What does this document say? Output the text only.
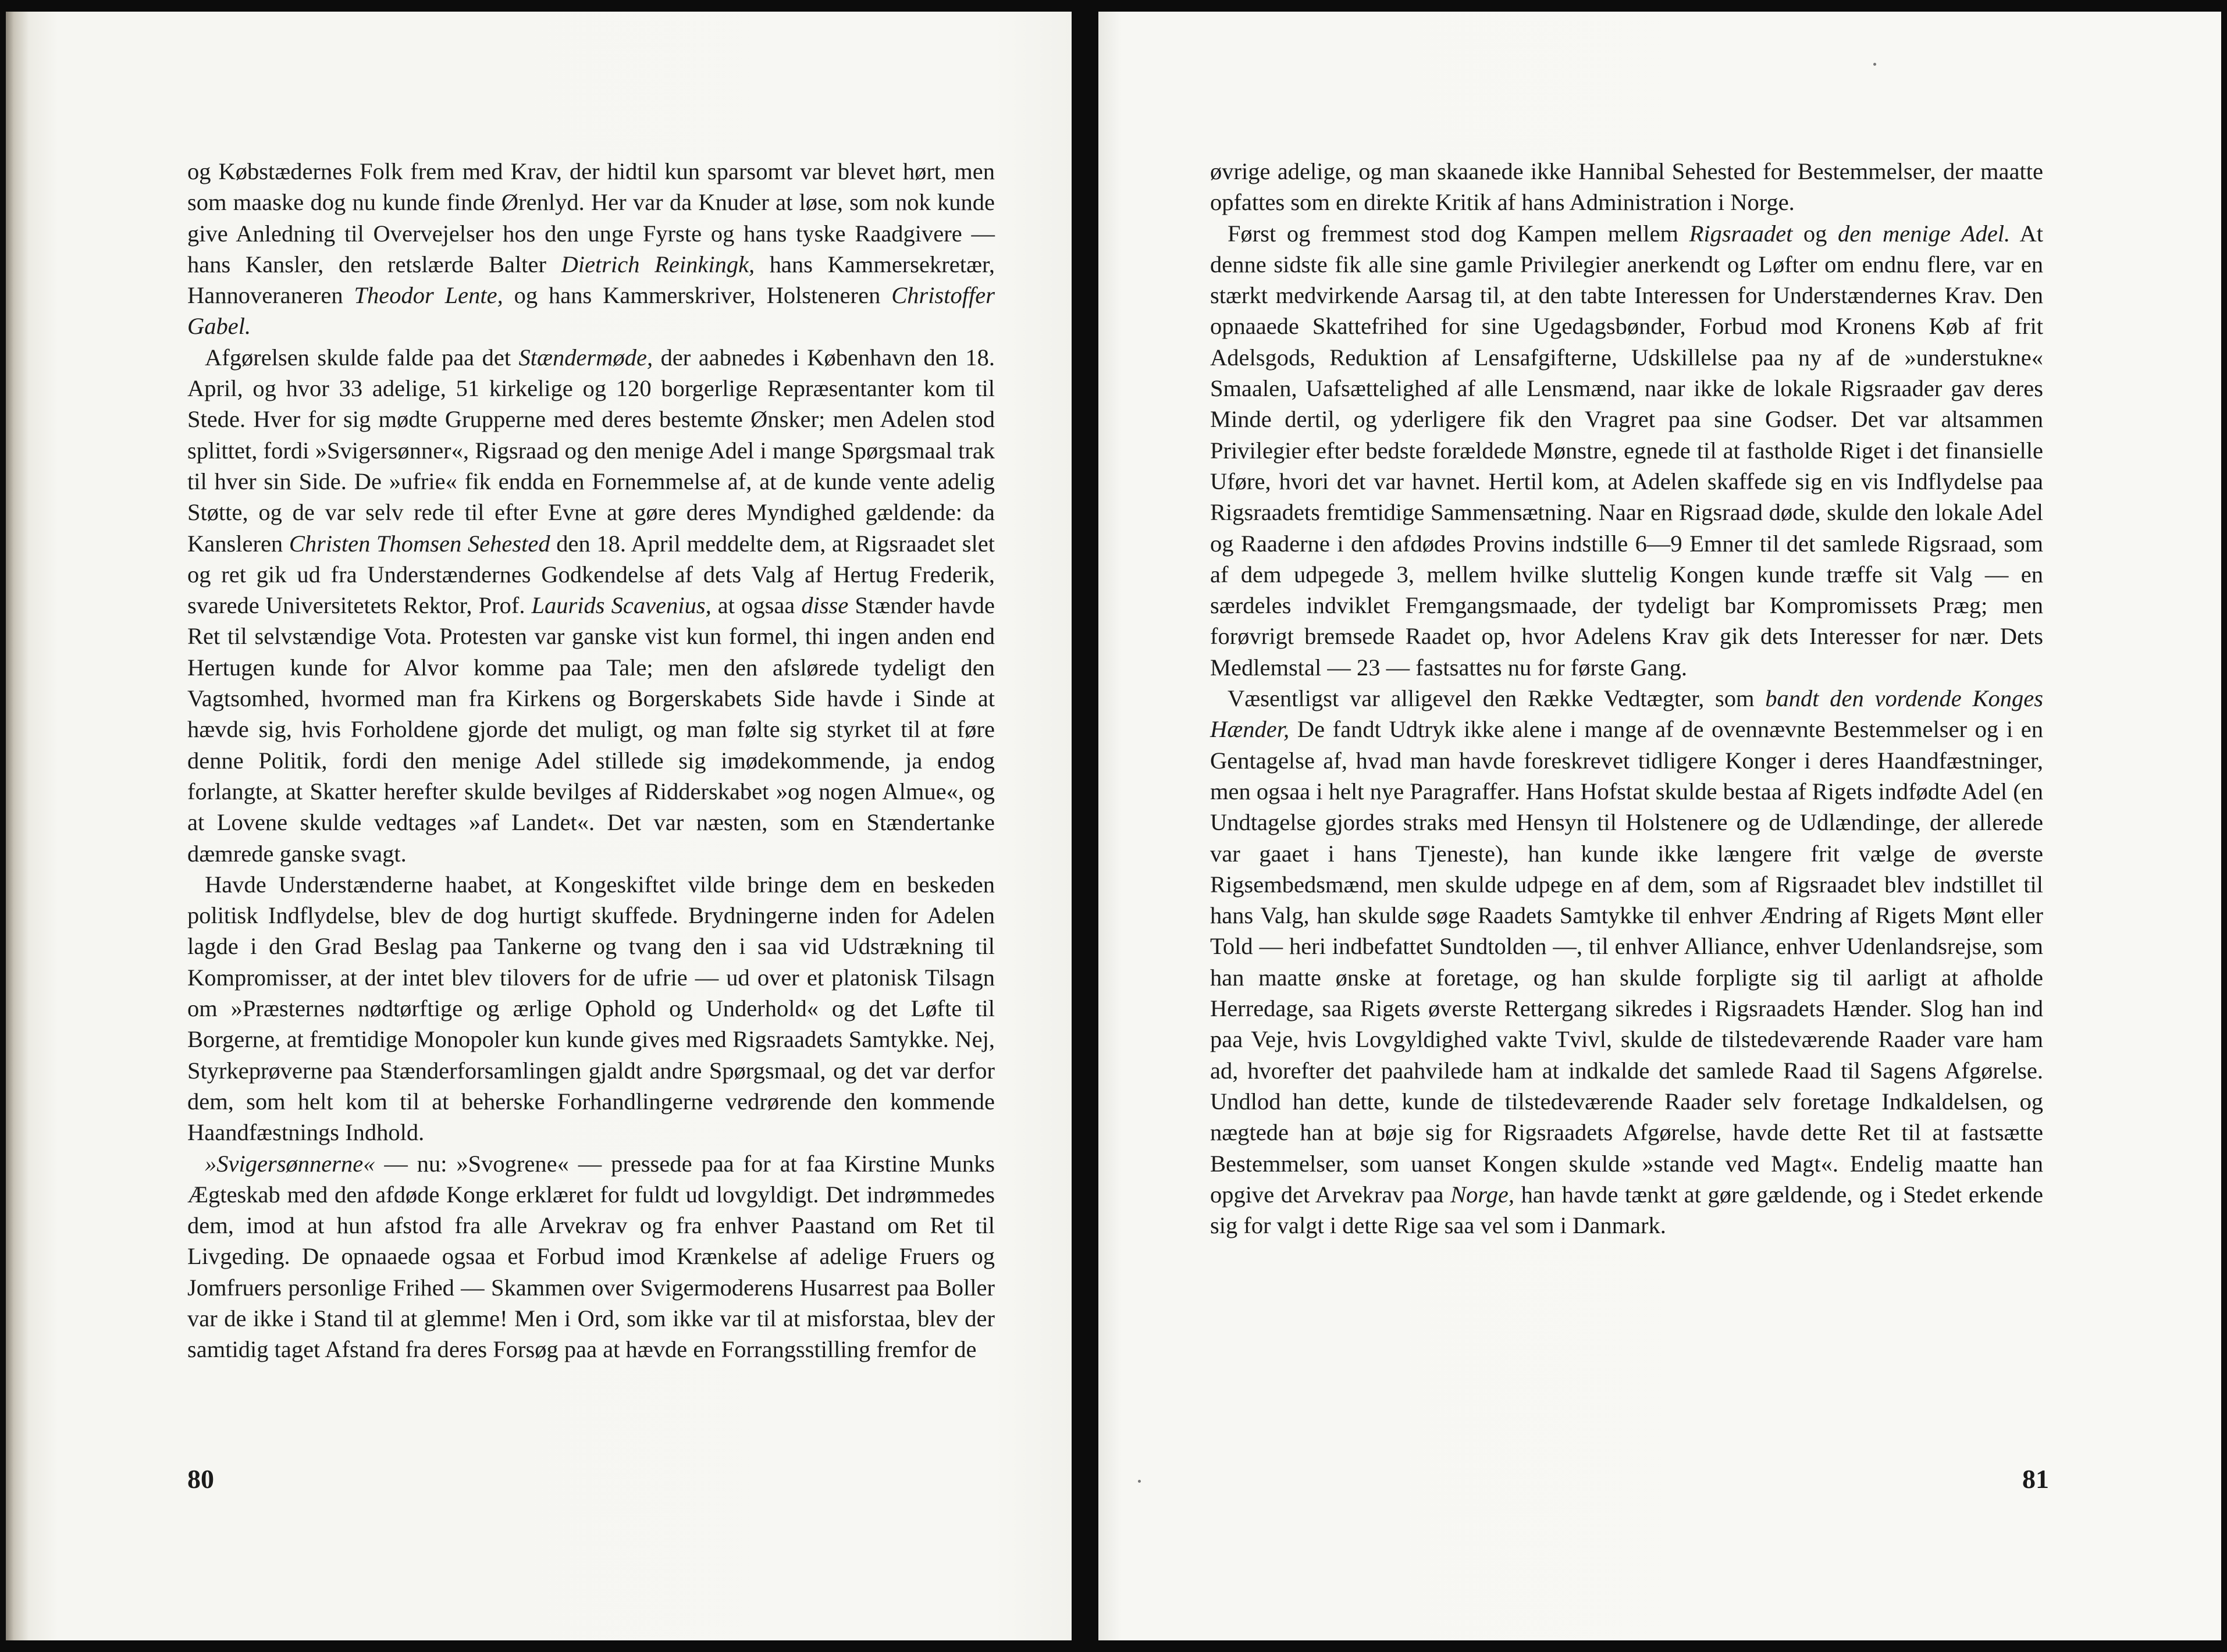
og Købstædernes Folk frem med Krav, der hidtil kun sparsomt var blevet hørt, men som maaske dog nu kunde finde Ørenlyd. Her var da Knuder at løse, som nok kunde give Anledning til Overvejelser hos den unge Fyrste og hans tyske Raadgivere — hans Kansler, den retslærde Balter Dietrich Reinkingk, hans Kammersekretær, Hannoveraneren Theodor Lente, og hans Kammerskriver, Holsteneren Christoffer Gabel.

Afgørelsen skulde falde paa det Stændermøde, der aabnedes i København den 18. April, og hvor 33 adelige, 51 kirkelige og 120 borgerlige Repræsentanter kom til Stede. Hver for sig mødte Grupperne med deres bestemte Ønsker; men Adelen stod splittet, fordi »Svigersønner«, Rigsraad og den menige Adel i mange Spørgsmaal trak til hver sin Side. De »ufrie« fik endda en Fornemmelse af, at de kunde vente adelig Støtte, og de var selv rede til efter Evne at gøre deres Myndighed gældende: da Kansleren Christen Thomsen Sehested den 18. April meddelte dem, at Rigsraadet slet og ret gik ud fra Understændernes Godkendelse af dets Valg af Hertug Frederik, svarede Universitetets Rektor, Prof. Laurids Scavenius, at ogsaa disse Stænder havde Ret til selvstændige Vota. Protesten var ganske vist kun formel, thi ingen anden end Hertugen kunde for Alvor komme paa Tale; men den afslørede tydeligt den Vagtsomhed, hvormed man fra Kirkens og Borgerskabets Side havde i Sinde at hævde sig, hvis Forholdene gjorde det muligt, og man følte sig styrket til at føre denne Politik, fordi den menige Adel stillede sig imødekommende, ja endog forlangte, at Skatter herefter skulde bevilges af Ridderskabet »og nogen Almue«, og at Lovene skulde vedtages »af Landet«. Det var næsten, som en Stændertanke dæmrede ganske svagt.

Havde Understænderne haabet, at Kongeskiftet vilde bringe dem en beskeden politisk Indflydelse, blev de dog hurtigt skuffede. Brydningerne inden for Adelen lagde i den Grad Beslag paa Tankerne og tvang den i saa vid Udstrækning til Kompromisser, at der intet blev tilovers for de ufrie — ud over et platonisk Tilsagn om »Præsternes nødtørftige og ærlige Ophold og Underhold« og det Løfte til Borgerne, at fremtidige Monopoler kun kunde gives med Rigsraadets Samtykke. Nej, Styrkeprøverne paa Stænderforsamlingen gjaldt andre Spørgsmaal, og det var derfor dem, som helt kom til at beherske Forhandlingerne vedrørende den kommende Haandfæstnings Indhold.

»Svigersønnerne« — nu: »Svogrene« — pressede paa for at faa Kirstine Munks Ægteskab med den afdøde Konge erklæret for fuldt ud lovgyldigt. Det indrømmedes dem, imod at hun afstod fra alle Arvekrav og fra enhver Paastand om Ret til Livgeding. De opnaaede ogsaa et Forbud imod Krænkelse af adelige Fruers og Jomfruers personlige Frihed — Skammen over Svigermoderens Husarrest paa Boller var de ikke i Stand til at glemme! Men i Ord, som ikke var til at misforstaa, blev der samtidig taget Afstand fra deres Forsøg paa at hævde en Forrangsstilling fremfor de

80

øvrige adelige, og man skaanede ikke Hannibal Sehested for Bestemmelser, der maatte opfattes som en direkte Kritik af hans Administration i Norge.

Først og fremmest stod dog Kampen mellem Rigsraadet og den menige Adel. At denne sidste fik alle sine gamle Privilegier anerkendt og Løfter om endnu flere, var en stærkt medvirkende Aarsag til, at den tabte Interessen for Understændernes Krav. Den opnaaede Skattefrihed for sine Ugedagsbønder, Forbud mod Kronens Køb af frit Adelsgods, Reduktion af Lensafgifterne, Udskillelse paa ny af de »understukne« Smaalen, Uafsættelighed af alle Lensmænd, naar ikke de lokale Rigsraader gav deres Minde dertil, og yderligere fik den Vragret paa sine Godser. Det var altsammen Privilegier efter bedste forældede Mønstre, egnede til at fastholde Riget i det finansielle Uføre, hvori det var havnet. Hertil kom, at Adelen skaffede sig en vis Indflydelse paa Rigsraadets fremtidige Sammensætning. Naar en Rigsraad døde, skulde den lokale Adel og Raaderne i den afdødes Provins indstille 6—9 Emner til det samlede Rigsraad, som af dem udpegede 3, mellem hvilke sluttelig Kongen kunde træffe sit Valg — en særdeles indviklet Fremgangsmaade, der tydeligt bar Kompromissets Præg; men forøvrigt bremsede Raadet op, hvor Adelens Krav gik dets Interesser for nær. Dets Medlemstal — 23 — fastsattes nu for første Gang.

Væsentligst var alligevel den Række Vedtægter, som bandt den vordende Konges Hænder, De fandt Udtryk ikke alene i mange af de ovennævnte Bestemmelser og i en Gentagelse af, hvad man havde foreskrevet tidligere Konger i deres Haandfæstninger, men ogsaa i helt nye Paragraffer. Hans Hofstat skulde bestaa af Rigets indfødte Adel (en Undtagelse gjordes straks med Hensyn til Holstenere og de Udlændinge, der allerede var gaaet i hans Tjeneste), han kunde ikke længere frit vælge de øverste Rigsembedsmænd, men skulde udpege en af dem, som af Rigsraadet blev indstillet til hans Valg, han skulde søge Raadets Samtykke til enhver Ændring af Rigets Mønt eller Told — heri indbefattet Sundtolden —, til enhver Alliance, enhver Udenlandsrejse, som han maatte ønske at foretage, og han skulde forpligte sig til aarligt at afholde Herredage, saa Rigets øverste Rettergang sikredes i Rigsraadets Hænder. Slog han ind paa Veje, hvis Lovgyldighed vakte Tvivl, skulde de tilstedeværende Raader vare ham ad, hvorefter det paahvilede ham at indkalde det samlede Raad til Sagens Afgørelse. Undlod han dette, kunde de tilstedeværende Raader selv foretage Indkaldelsen, og nægtede han at bøje sig for Rigsraadets Afgørelse, havde dette Ret til at fastsætte Bestemmelser, som uanset Kongen skulde »stande ved Magt«. Endelig maatte han opgive det Arvekrav paa Norge, han havde tænkt at gøre gældende, og i Stedet erkende sig for valgt i dette Rige saa vel som i Danmark.

81
